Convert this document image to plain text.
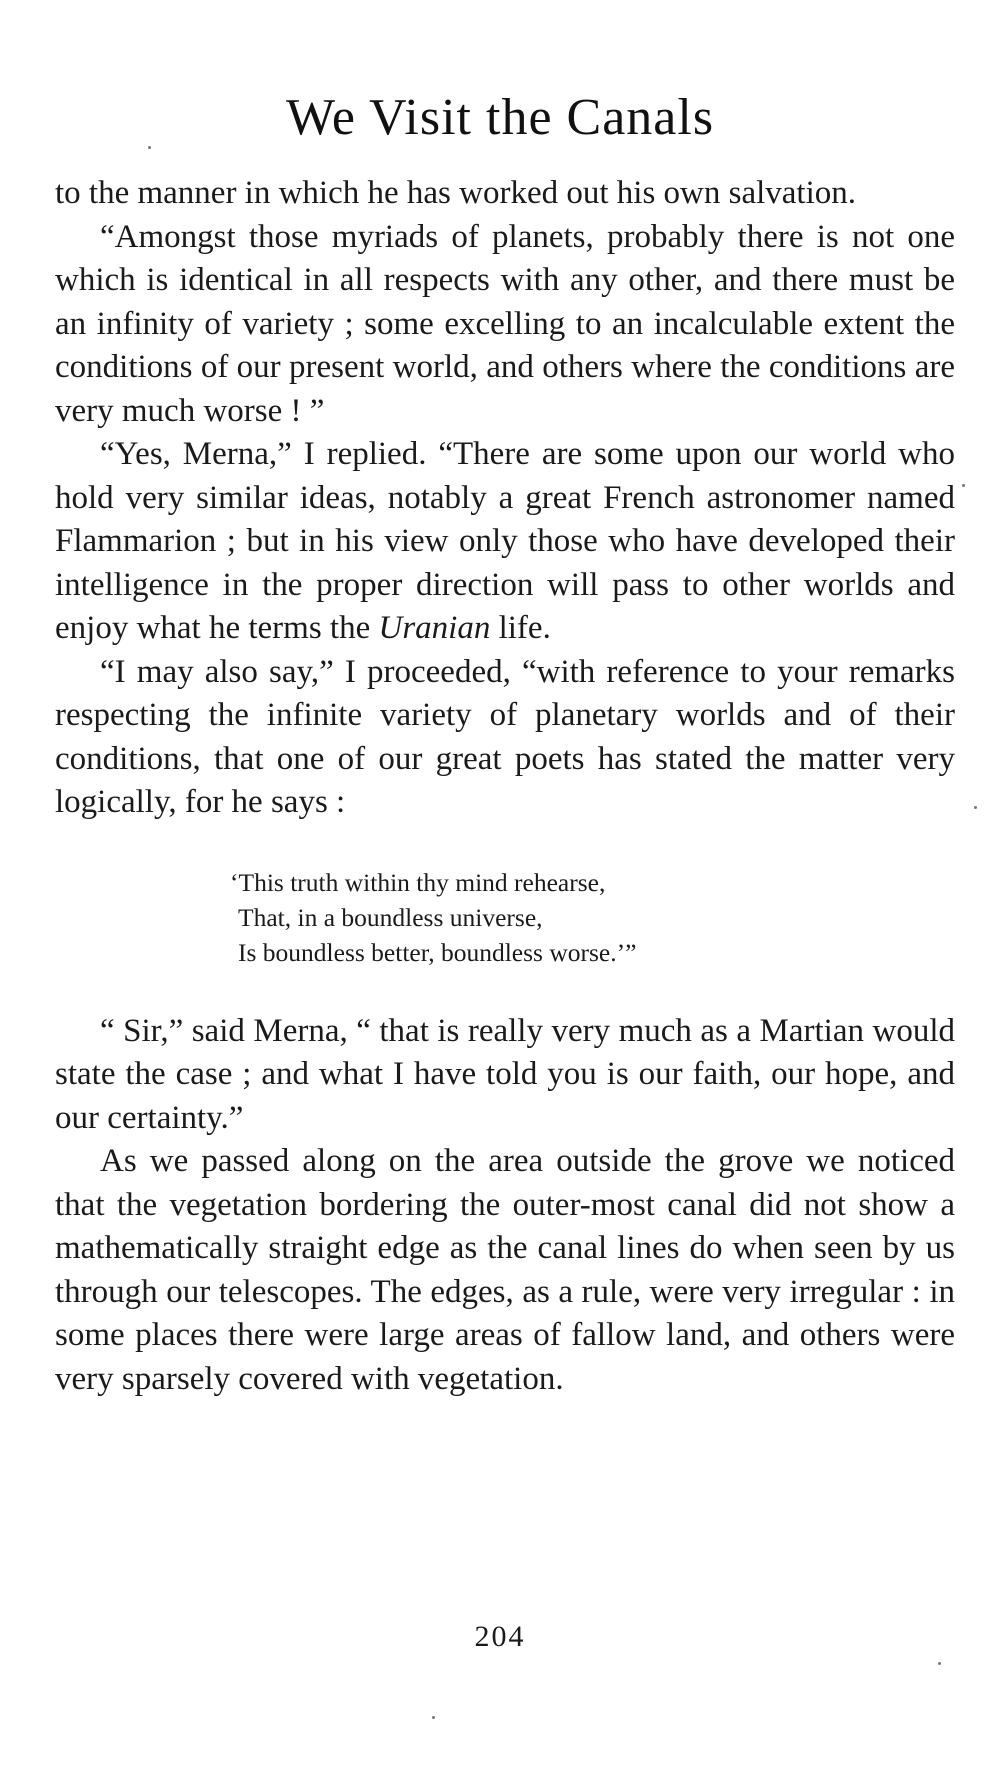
We Visit the Canals

to the manner in which he has worked out his own salvation.

“Amongst those myriads of planets, probably there is not one which is identical in all respects with any other, and there must be an infinity of variety ; some excelling to an incalculable extent the conditions of our present world, and others where the conditions are very much worse ! ”

“Yes, Merna,” I replied. “There are some upon our world who hold very similar ideas, notably a great French astronomer named Flammarion ; but in his view only those who have developed their intelligence in the proper direction will pass to other worlds and enjoy what he terms the Uranian life.

“I may also say,” I proceeded, “with reference to your remarks respecting the infinite variety of planetary worlds and of their conditions, that one of our great poets has stated the matter very logically, for he says :

‘This truth within thy mind rehearse,
That, in a boundless universe,
Is boundless better, boundless worse.’”

“ Sir,” said Merna, “ that is really very much as a Martian would state the case ; and what I have told you is our faith, our hope, and our certainty.”

As we passed along on the area outside the grove we noticed that the vegetation bordering the outer-most canal did not show a mathematically straight edge as the canal lines do when seen by us through our telescopes. The edges, as a rule, were very irregular : in some places there were large areas of fallow land, and others were very sparsely covered with vegetation.

204
